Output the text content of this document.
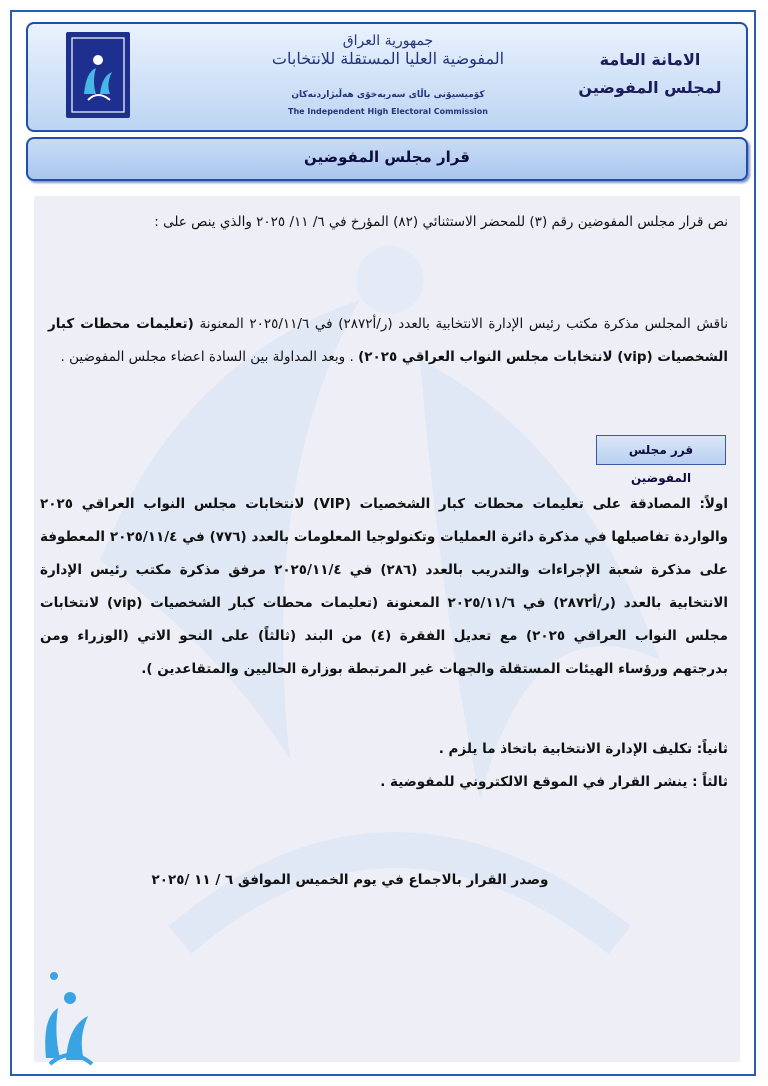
جمهورية العراق
المفوضية العليا المستقلة للانتخابات
كۆمیسیۆنی باڵای سەربەخۆی هەڵبژاردنەکان
The Independent High Electoral Commission
الامانة العامة
لمجلس المفوضين
قرار مجلس المفوضين
نص قرار مجلس المفوضين رقم (٣) للمحضر الاستثنائي (٨٢) المؤرخ في ٦/ ١١/ ٢٠٢٥ والذي ينص على :
ناقش المجلس مذكرة مكتب رئيس الإدارة الانتخابية بالعدد (ر/أ٢٨٧٢) في ٢٠٢٥/١١/٦ المعنونة (تعليمات محطات كبار الشخصيات (vip) لانتخابات مجلس النواب العراقي ٢٠٢٥) . وبعد المداولة بين السادة اعضاء مجلس المفوضين .
قرر مجلس المفوضين
اولاً: المصادقة على تعليمات محطات كبار الشخصيات (VIP) لانتخابات مجلس النواب العراقي ٢٠٢٥ والواردة تفاصيلها في مذكرة دائرة العمليات وتكنولوجيا المعلومات بالعدد (٧٧٦) في ٢٠٢٥/١١/٤ المعطوفة على مذكرة شعبة الإجراءات والتدريب بالعدد (٢٨٦) في ٢٠٢٥/١١/٤ مرفق مذكرة مكتب رئيس الإدارة الانتخابية بالعدد (ر/أ٢٨٧٢) في ٢٠٢٥/١١/٦ المعنونة (تعليمات محطات كبار الشخصيات (vip) لانتخابات مجلس النواب العراقي ٢٠٢٥) مع تعديل الفقرة (٤) من البند (ثالثاً) على النحو الاتي (الوزراء ومن بدرجتهم ورؤساء الهيئات المستقلة والجهات غير المرتبطة بوزارة الحاليين والمتقاعدين ).
ثانياً: تكليف الإدارة الانتخابية باتخاذ ما يلزم .
ثالثاً : ينشر القرار في الموقع الالكتروني للمفوضية .
وصدر القرار بالاجماع في يوم الخميس الموافق ٦ / ١١ /٢٠٢٥
